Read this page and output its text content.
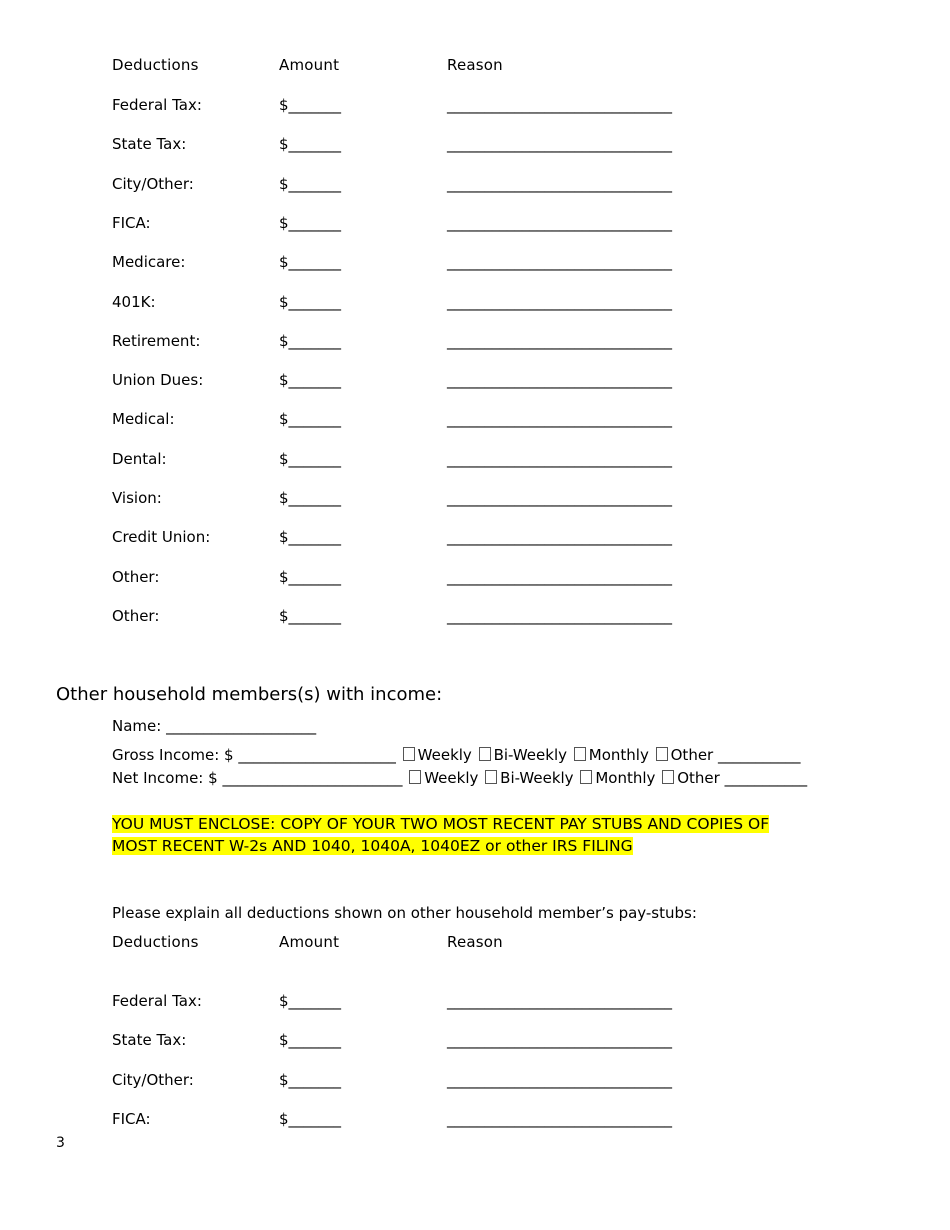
Deductions	Amount	Reason
Federal Tax:	$_______	______________________________
State Tax:	$_______	______________________________
City/Other:	$_______	______________________________
FICA:	$_______	______________________________
Medicare:	$_______	______________________________
401K:	$_______	______________________________
Retirement:	$_______	______________________________
Union Dues:	$_______	______________________________
Medical:	$_______	______________________________
Dental:	$_______	______________________________
Vision:	$_______	______________________________
Credit Union:	$_______	______________________________
Other:	$_______	______________________________
Other:	$_______	______________________________
Other household members(s) with income:
Name: ____________________
Gross Income: $ _____________________ Weekly Bi-Weekly Monthly Other ___________
Net Income: $ ________________________ Weekly Bi-Weekly Monthly Other ___________
YOU MUST ENCLOSE: COPY OF YOUR TWO MOST RECENT PAY STUBS AND COPIES OF
MOST RECENT W-2s AND 1040, 1040A, 1040EZ or other IRS FILING
Please explain all deductions shown on other household member’s pay-stubs:
Deductions	Amount	Reason
Federal Tax:	$_______	______________________________
State Tax:	$_______	______________________________
City/Other:	$_______	______________________________
FICA:	$_______	______________________________
3
